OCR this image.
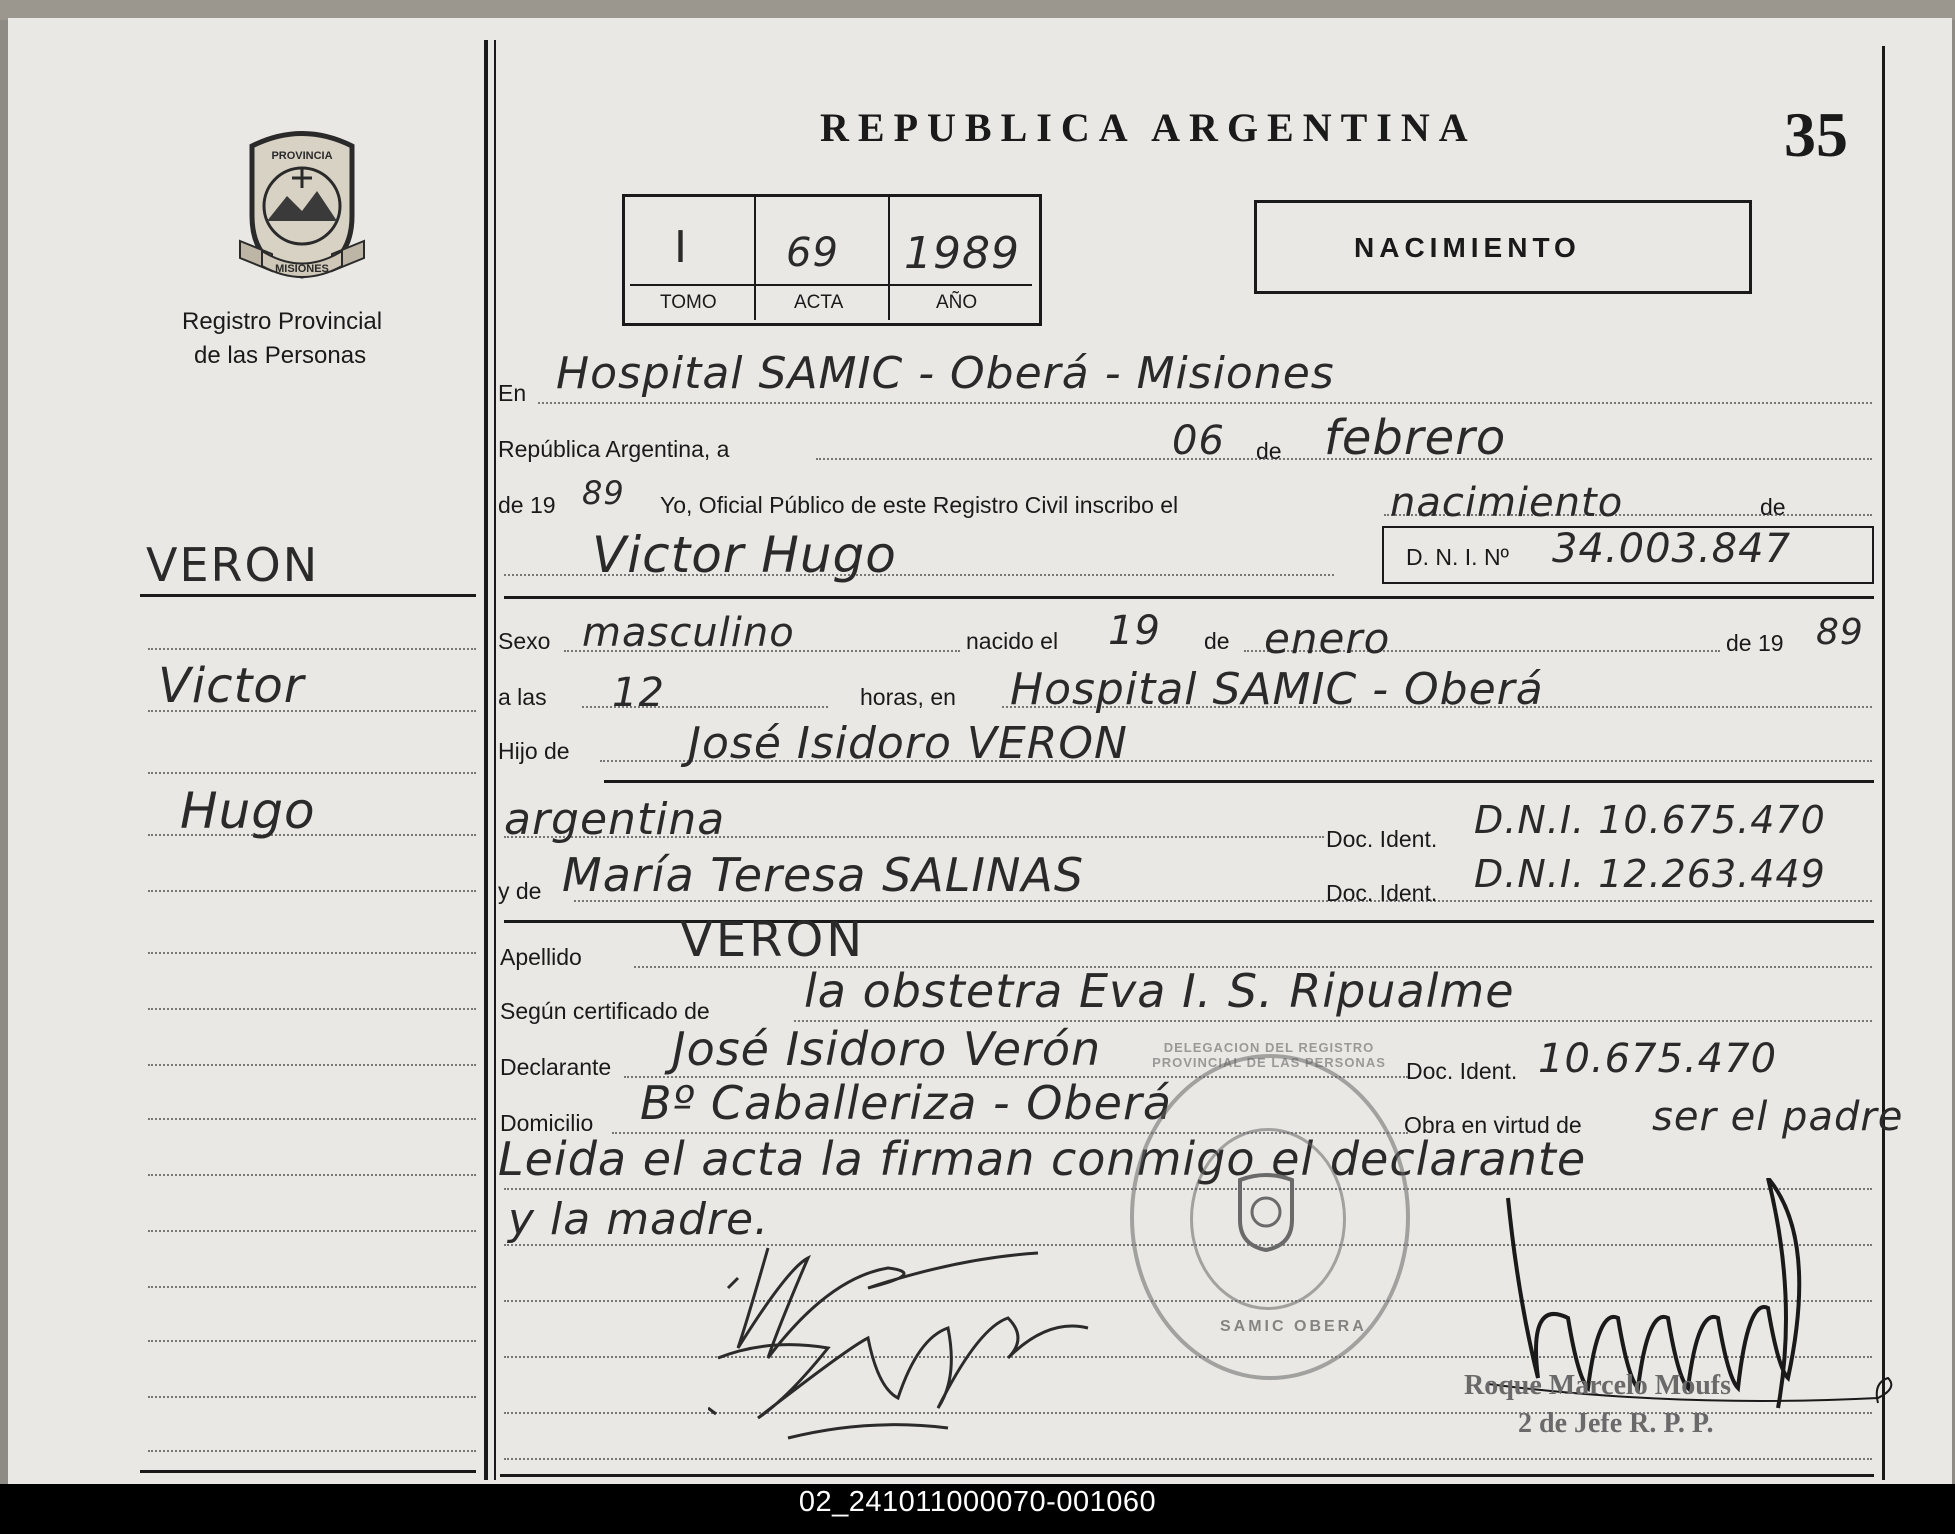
PROVINCIA
MISIONES
Registro Provincial
de las Personas
VERON
Victor
Hugo
REPUBLICA ARGENTINA	35
I 69 1989
TOMO	ACTA	AÑO
NACIMIENTO
En Hospital SAMIC - Oberá - Misiones
República Argentina, a	06 de febrero
de 19 89 Yo, Oficial Público de este Registro Civil inscribo el	nacimiento	de
Victor Hugo	D. N. I. Nº 34.003.847
Sexo masculino	nacido el 19 de enero	de 19 89
a las 12	horas, en Hospital SAMIC - Oberá
Hijo de	José Isidoro VERON
argentina	Doc. Ident. D.N.I. 10.675.470
y de María Teresa SALINAS	Doc. Ident. D.N.I. 12.263.449
Apellido VERON
Según certificado de la obstetra Eva I. S. Ripualme
Declarante José Isidoro Verón	Doc. Ident. 10.675.470
Domicilio Bº Caballeriza - Oberá	Obra en virtud de ser el padre
Leida el acta la firman conmigo el declarante
y la madre.
SAMIC OBERA
DELEGACION DEL REGISTRO PROVINCIAL DE LAS PERSONAS
Roque Marcelo Moufs
2 de Jefe R. P. P.
02_241011000070-001060
